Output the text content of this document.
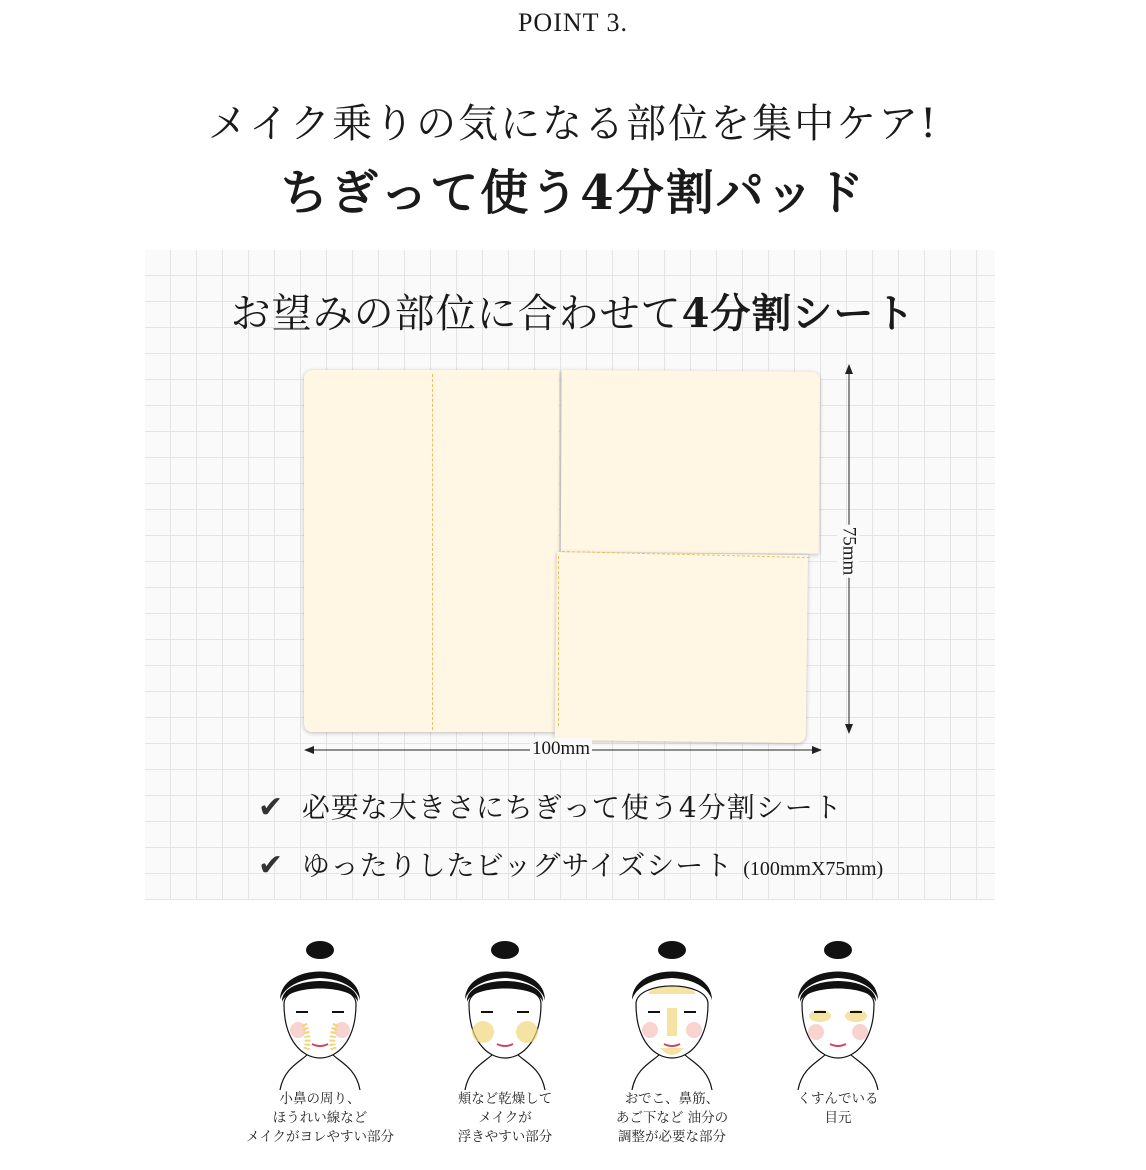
POINT 3.
メイク乗りの気になる部位を集中ケア!
ちぎって使う4分割パッド
お望みの部位に合わせて4分割シート
100mm
75mm
✔ 必要な大きさにちぎって使う4分割シート
✔ ゆったりしたビッグサイズシート (100mmX75mm)
小鼻の周り、
ほうれい線など
メイクがヨレやすい部分
頬など乾燥して
メイクが
浮きやすい部分
おでこ、鼻筋、
あご下など 油分の
調整が必要な部分
くすんでいる
目元
